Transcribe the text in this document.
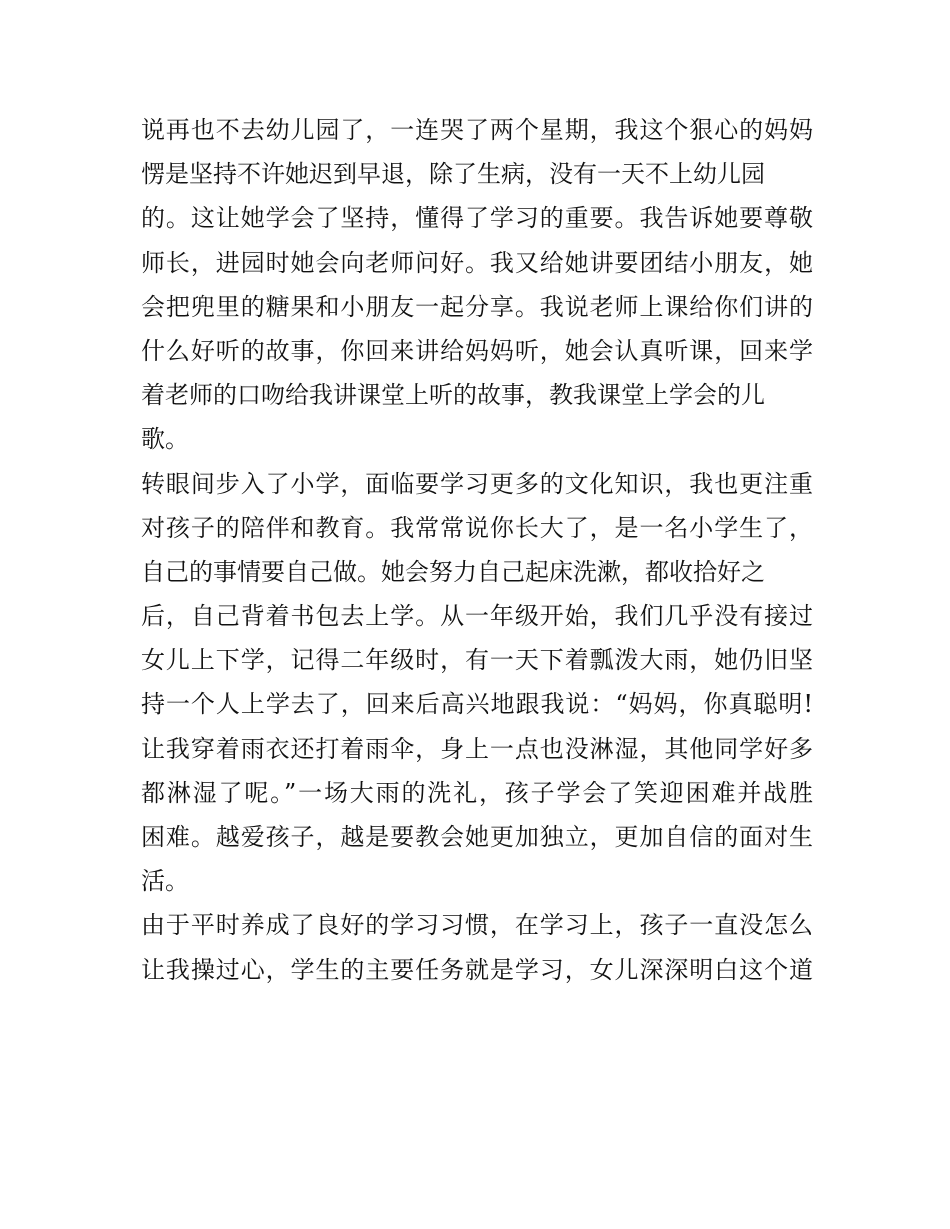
说再也不去幼儿园了，一连哭了两个星期，我这个狠心的妈妈
愣是坚持不许她迟到早退，除了生病，没有一天不上幼儿园
的。这让她学会了坚持，懂得了学习的重要。我告诉她要尊敬
师长，进园时她会向老师问好。我又给她讲要团结小朋友，她
会把兜里的糖果和小朋友一起分享。我说老师上课给你们讲的
什么好听的故事，你回来讲给妈妈听，她会认真听课，回来学
着老师的口吻给我讲课堂上听的故事，教我课堂上学会的儿
歌。
转眼间步入了小学，面临要学习更多的文化知识，我也更注重
对孩子的陪伴和教育。我常常说你长大了，是一名小学生了，
自己的事情要自己做。她会努力自己起床洗漱，都收拾好之
后，自己背着书包去上学。从一年级开始，我们几乎没有接过
女儿上下学，记得二年级时，有一天下着瓢泼大雨，她仍旧坚
持一个人上学去了，回来后高兴地跟我说：“妈妈，你真聪明!
让我穿着雨衣还打着雨伞，身上一点也没淋湿，其他同学好多
都淋湿了呢。”一场大雨的洗礼，孩子学会了笑迎困难并战胜
困难。越爱孩子，越是要教会她更加独立，更加自信的面对生
活。
由于平时养成了良好的学习习惯，在学习上，孩子一直没怎么
让我操过心，学生的主要任务就是学习，女儿深深明白这个道
